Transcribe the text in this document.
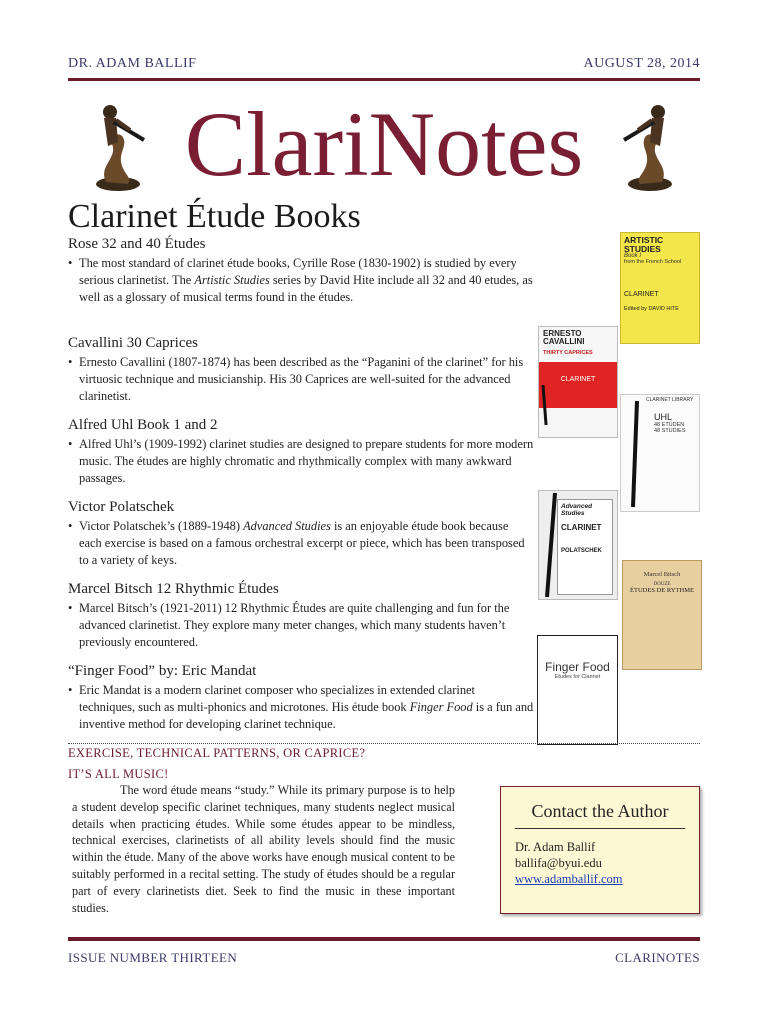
DR. ADAM BALLIF	AUGUST 28, 2014
ClariNotes
Clarinet Étude Books
Rose 32 and 40 Études
• The most standard of clarinet étude books, Cyrille Rose (1830-1902) is studied by every serious clarinetist. The Artistic Studies series by David Hite include all 32 and 40 etudes, as well as a glossary of musical terms found in the études.
Cavallini 30 Caprices
• Ernesto Cavallini (1807-1874) has been described as the “Paganini of the clarinet” for his virtuosic technique and musicianship. His 30 Caprices are well-suited for the advanced clarinetist.
Alfred Uhl Book 1 and 2
• Alfred Uhl’s (1909-1992) clarinet studies are designed to prepare students for more modern music. The études are highly chromatic and rhythmically complex with many awkward passages.
Victor Polatschek
• Victor Polatschek’s (1889-1948) Advanced Studies is an enjoyable étude book because each exercise is based on a famous orchestral excerpt or piece, which has been transposed to a variety of keys.
Marcel Bitsch 12 Rhythmic Études
• Marcel Bitsch’s (1921-2011) 12 Rhythmic Études are quite challenging and fun for the advanced clarinetist. They explore many meter changes, which many students haven’t previously encountered.
“Finger Food” by: Eric Mandat
• Eric Mandat is a modern clarinet composer who specializes in extended clarinet techniques, such as multi-phonics and microtones. His étude book Finger Food is a fun and inventive method for developing clarinet technique.
ARTISTIC STUDIES
Book I
from the French School
CLARINET
Edited by DAVID HITE
ERNESTO CAVALLINI
THIRTY CAPRICES
CLARINET
CLARINET LIBRARY
UHL
48 ETÜDEN
48 STUDIES
Advanced Studies
CLARINET
POLATSCHEK
Marcel Bitsch
DOUZE
ÉTUDES DE RYTHME
Finger Food
Etudes for Clarinet
EXERCISE, TECHNICAL PATTERNS, OR CAPRICE?
IT’S ALL MUSIC!
The word étude means “study.” While its primary purpose is to help a student develop specific clarinet techniques, many students neglect musical details when practicing études. While some études appear to be mindless, technical exercises, clarinetists of all ability levels should find the music within the étude. Many of the above works have enough musical content to be suitably performed in a recital setting. The study of études should be a regular part of every clarinetists diet. Seek to find the music in these important studies.
Contact the Author
Dr. Adam Ballif
ballifa@byui.edu
www.adamballif.com
ISSUE NUMBER THIRTEEN	CLARINOTES
